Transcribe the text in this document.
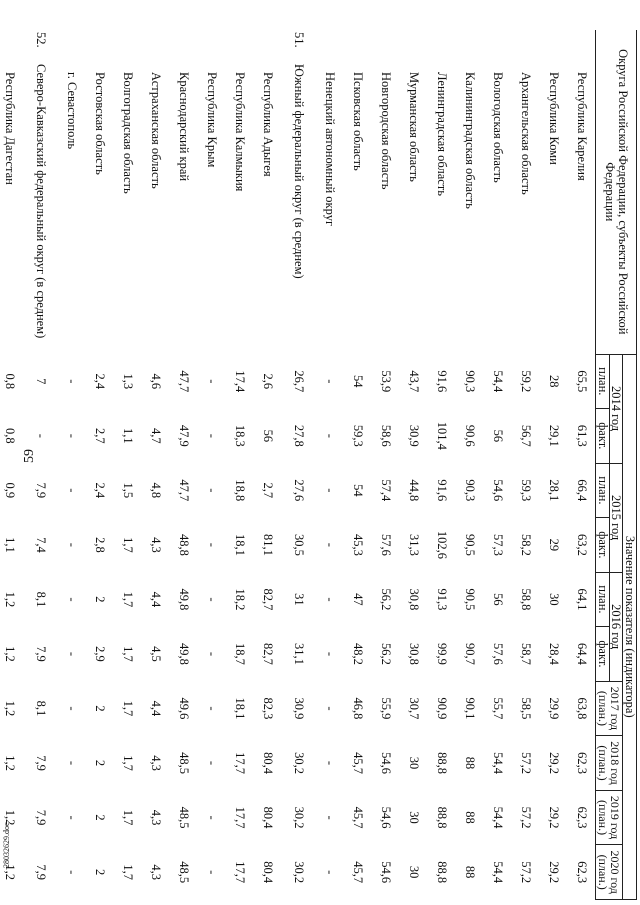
59
28032629.doc
Округа Российской Федерации, субъекты Российской Федерации		Значение показателя (индикатора)									
		2014 год		2015 год		2016 год		2017 год (план.)	2018 год (план.)	2019 год (план.)	2020 год (план.)
		план.	факт.	план.	факт.	план.	факт.				
	Республика Карелия	65,5	61,3	66,4	63,2	64,1	64,4	63,8	62,3	62,3	62,3
	Республика Коми	28	29,1	28,1	29	30	28,4	29,9	29,2	29,2	29,2
	Архангельская область	59,2	56,7	59,3	58,2	58,8	58,7	58,5	57,2	57,2	57,2
	Вологодская область	54,4	56	54,6	57,3	56	57,6	55,7	54,4	54,4	54,4
	Калининградская область	90,3	90,6	90,3	90,5	90,5	90,7	90,1	88	88	88
	Ленинградская область	91,6	101,4	91,6	102,6	91,3	99,9	90,9	88,8	88,8	88,8
	Мурманская область	43,7	30,9	44,8	31,3	30,8	30,8	30,7	30	30	30
	Новгородская область	53,9	58,6	57,4	57,6	56,2	56,2	55,9	54,6	54,6	54,6
	Псковская область	54	59,3	54	45,3	47	48,2	46,8	45,7	45,7	45,7
	Ненецкий автономный округ	-	-	-	-	-	-	-	-	-	-
51.	Южный федеральный округ (в среднем)	26,7	27,8	27,6	30,5	31	31,1	30,9	30,2	30,2	30,2
	Республика Адыгея	2,6	56	2,7	81,1	82,7	82,7	82,3	80,4	80,4	80,4
	Республика Калмыкия	17,4	18,3	18,8	18,1	18,2	18,7	18,1	17,7	17,7	17,7
	Республика Крым	-	-	-	-	-	-	-	-	-	-
	Краснодарский край	47,7	47,9	47,7	48,8	49,8	49,8	49,6	48,5	48,5	48,5
	Астраханская область	4,6	4,7	4,8	4,3	4,4	4,5	4,4	4,3	4,3	4,3
	Волгоградская область	1,3	1,1	1,5	1,7	1,7	1,7	1,7	1,7	1,7	1,7
	Ростовская область	2,4	2,7	2,4	2,8	2	2,9	2	2	2	2
	г. Севастополь	-	-	-	-	-	-	-	-	-	-
52.	Северо-Кавказский федеральный округ (в среднем)	7	-	7,9	7,4	8,1	7,9	8,1	7,9	7,9	7,9
	Республика Дагестан	0,8	0,8	0,9	1,1	1,2	1,2	1,2	1,2	1,2	1,2
